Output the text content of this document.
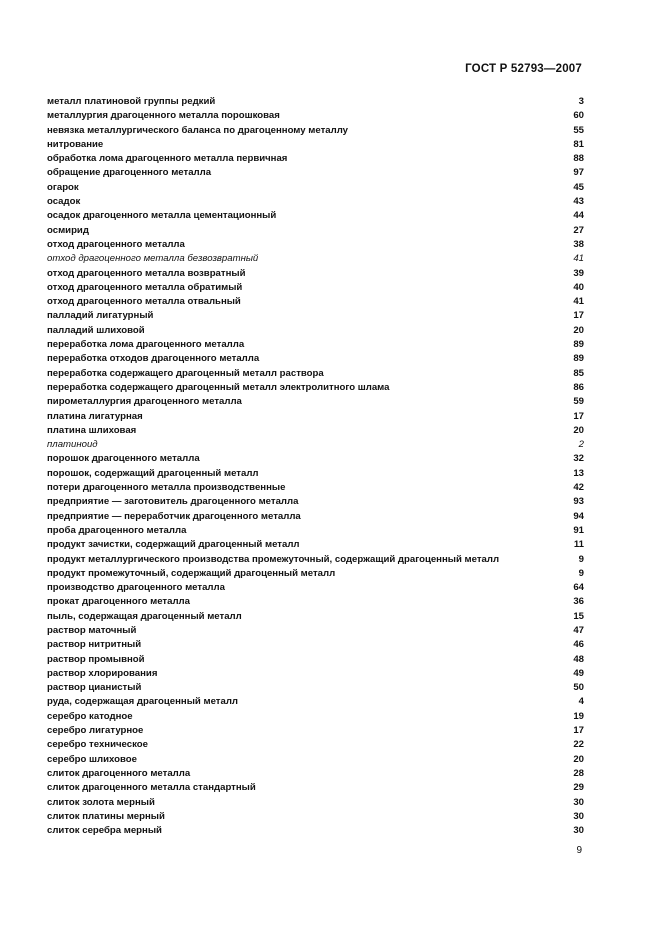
ГОСТ Р 52793—2007
металл платиновой группы редкий	3
металлургия драгоценного металла порошковая	60
невязка металлургического баланса по драгоценному металлу	55
нитрование	81
обработка лома драгоценного металла первичная	88
обращение драгоценного металла	97
огарок	45
осадок	43
осадок драгоценного металла цементационный	44
осмирид	27
отход драгоценного металла	38
отход драгоценного металла безвозвратный	41
отход драгоценного металла возвратный	39
отход драгоценного металла обратимый	40
отход драгоценного металла отвальный	41
палладий лигатурный	17
палладий шлиховой	20
переработка лома драгоценного металла	89
переработка отходов драгоценного металла	89
переработка содержащего драгоценный металл раствора	85
переработка содержащего драгоценный металл электролитного шлама	86
пирометаллургия драгоценного металла	59
платина лигатурная	17
платина шлиховая	20
платиноид	2
порошок драгоценного металла	32
порошок, содержащий драгоценный металл	13
потери драгоценного металла производственные	42
предприятие — заготовитель драгоценного металла	93
предприятие — переработчик драгоценного металла	94
проба драгоценного металла	91
продукт зачистки, содержащий драгоценный металл	11
продукт металлургического производства промежуточный, содержащий драгоценный металл	9
продукт промежуточный, содержащий драгоценный металл	9
производство драгоценного металла	64
прокат драгоценного металла	36
пыль, содержащая драгоценный металл	15
раствор маточный	47
раствор нитритный	46
раствор промывной	48
раствор хлорирования	49
раствор цианистый	50
руда, содержащая драгоценный металл	4
серебро катодное	19
серебро лигатурное	17
серебро техническое	22
серебро шлиховое	20
слиток драгоценного металла	28
слиток драгоценного металла стандартный	29
слиток золота мерный	30
слиток платины мерный	30
слиток серебра мерный	30
9
